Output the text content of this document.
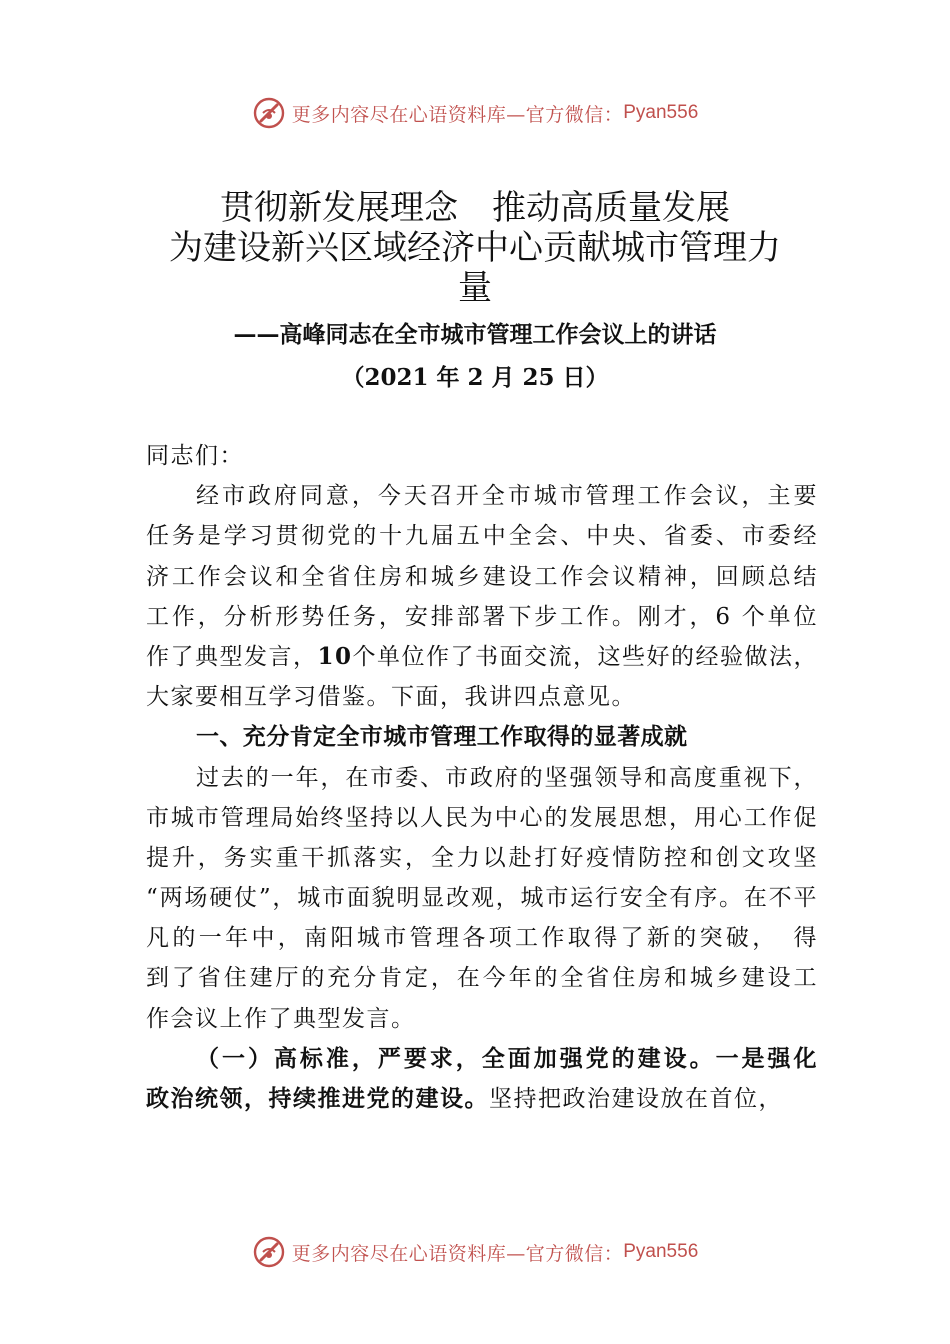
更多内容尽在心语资料库—官方微信： Pyan556
贯彻新发展理念　推动高质量发展
为建设新兴区域经济中心贡献城市管理力
量
——高峰同志在全市城市管理工作会议上的讲话
（2021 年 2 月 25 日）
同志们：
经市政府同意，今天召开全市城市管理工作会议，主要
任务是学习贯彻党的十九届五中全会、中央、省委、市委经
济工作会议和全省住房和城乡建设工作会议精神，回顾总结
工作，分析形势任务，安排部署下步工作。刚才，6 个单位
作了典型发言，10个单位作了书面交流，这些好的经验做法，
大家要相互学习借鉴。下面，我讲四点意见。
一、充分肯定全市城市管理工作取得的显著成就
过去的一年，在市委、市政府的坚强领导和高度重视下，
市城市管理局始终坚持以人民为中心的发展思想，用心工作促
提升，务实重干抓落实，全力以赴打好疫情防控和创文攻坚
“两场硬仗”，城市面貌明显改观，城市运行安全有序。在不平
凡的一年中，南阳城市管理各项工作取得了新的突破，　得
到了省住建厅的充分肯定，在今年的全省住房和城乡建设工
作会议上作了典型发言。
（一）高标准，严要求，全面加强党的建设。一是强化
政治统领，持续推进党的建设。坚持把政治建设放在首位，
更多内容尽在心语资料库—官方微信： Pyan556
